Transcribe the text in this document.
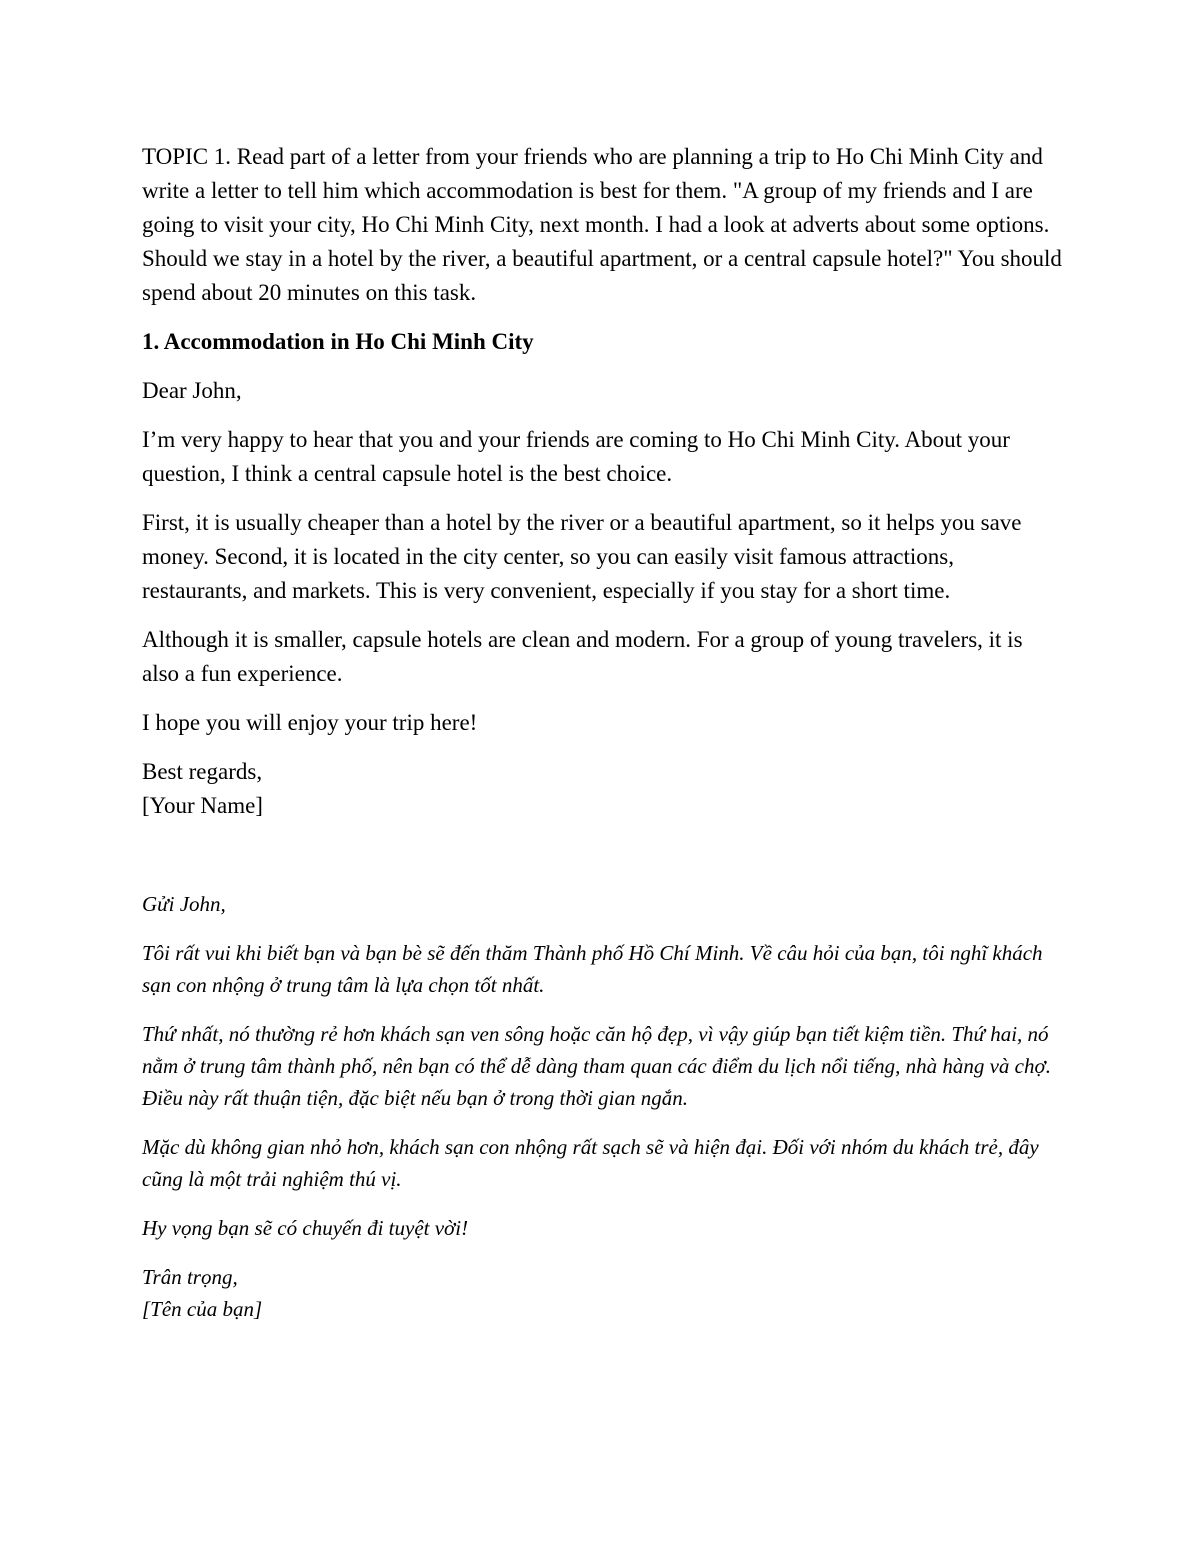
TOPIC 1. Read part of a letter from your friends who are planning a trip to Ho Chi Minh City and write a letter to tell him which accommodation is best for them. "A group of my friends and I are going to visit your city, Ho Chi Minh City, next month. I had a look at adverts about some options. Should we stay in a hotel by the river, a beautiful apartment, or a central capsule hotel?" You should spend about 20 minutes on this task.

1. Accommodation in Ho Chi Minh City

Dear John,

I’m very happy to hear that you and your friends are coming to Ho Chi Minh City. About your question, I think a central capsule hotel is the best choice.

First, it is usually cheaper than a hotel by the river or a beautiful apartment, so it helps you save money. Second, it is located in the city center, so you can easily visit famous attractions, restaurants, and markets. This is very convenient, especially if you stay for a short time.

Although it is smaller, capsule hotels are clean and modern. For a group of young travelers, it is also a fun experience.

I hope you will enjoy your trip here!

Best regards,
[Your Name]

Gửi John,

Tôi rất vui khi biết bạn và bạn bè sẽ đến thăm Thành phố Hồ Chí Minh. Về câu hỏi của bạn, tôi nghĩ khách sạn con nhộng ở trung tâm là lựa chọn tốt nhất.

Thứ nhất, nó thường rẻ hơn khách sạn ven sông hoặc căn hộ đẹp, vì vậy giúp bạn tiết kiệm tiền. Thứ hai, nó nằm ở trung tâm thành phố, nên bạn có thể dễ dàng tham quan các điểm du lịch nổi tiếng, nhà hàng và chợ. Điều này rất thuận tiện, đặc biệt nếu bạn ở trong thời gian ngắn.

Mặc dù không gian nhỏ hơn, khách sạn con nhộng rất sạch sẽ và hiện đại. Đối với nhóm du khách trẻ, đây cũng là một trải nghiệm thú vị.

Hy vọng bạn sẽ có chuyến đi tuyệt vời!

Trân trọng,
[Tên của bạn]
